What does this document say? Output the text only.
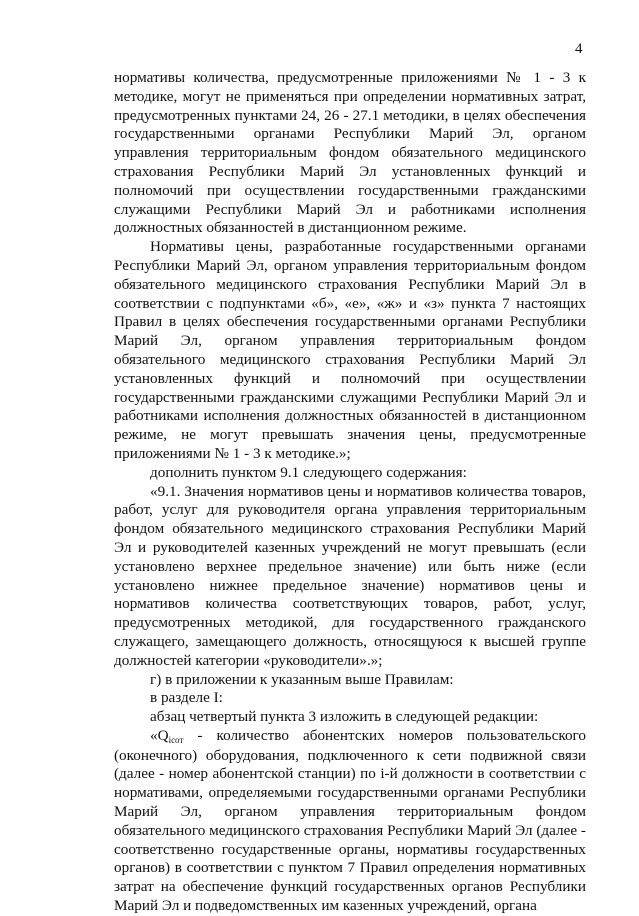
4

нормативы количества, предусмотренные приложениями № 1 - 3 к методике, могут не применяться при определении нормативных затрат, предусмотренных пунктами 24, 26 - 27.1 методики, в целях обеспечения государственными органами Республики Марий Эл, органом управления территориальным фондом обязательного медицинского страхования Республики Марий Эл установленных функций и полномочий при осуществлении государственными гражданскими служащими Республики Марий Эл и работниками исполнения должностных обязанностей в дистанционном режиме.

Нормативы цены, разработанные государственными органами Республики Марий Эл, органом управления территориальным фондом обязательного медицинского страхования Республики Марий Эл в соответствии с подпунктами «б», «е», «ж» и «з» пункта 7 настоящих Правил в целях обеспечения государственными органами Республики Марий Эл, органом управления территориальным фондом обязательного медицинского страхования Республики Марий Эл установленных функций и полномочий при осуществлении государственными гражданскими служащими Республики Марий Эл и работниками исполнения должностных обязанностей в дистанционном режиме, не могут превышать значения цены, предусмотренные приложениями № 1 - 3 к методике.»;

дополнить пунктом 9.1 следующего содержания:

«9.1. Значения нормативов цены и нормативов количества товаров, работ, услуг для руководителя органа управления территориальным фондом обязательного медицинского страхования Республики Марий Эл и руководителей казенных учреждений не могут превышать (если установлено верхнее предельное значение) или быть ниже (если установлено нижнее предельное значение) нормативов цены и нормативов количества соответствующих товаров, работ, услуг, предусмотренных методикой, для государственного гражданского служащего, замещающего должность, относящуюся к высшей группе должностей категории «руководители».»;

г) в приложении к указанным выше Правилам:

в разделе I:

абзац четвертый пункта 3 изложить в следующей редакции:

«$Q_{iсот}$ - количество абонентских номеров пользовательского (оконечного) оборудования, подключенного к сети подвижной связи (далее - номер абонентской станции) по i-й должности в соответствии с нормативами, определяемыми государственными органами Республики Марий Эл, органом управления территориальным фондом обязательного медицинского страхования Республики Марий Эл (далее - соответственно государственные органы, нормативы государственных органов) в соответствии с пунктом 7 Правил определения нормативных затрат на обеспечение функций государственных органов Республики Марий Эл и подведомственных им казенных учреждений, органа
